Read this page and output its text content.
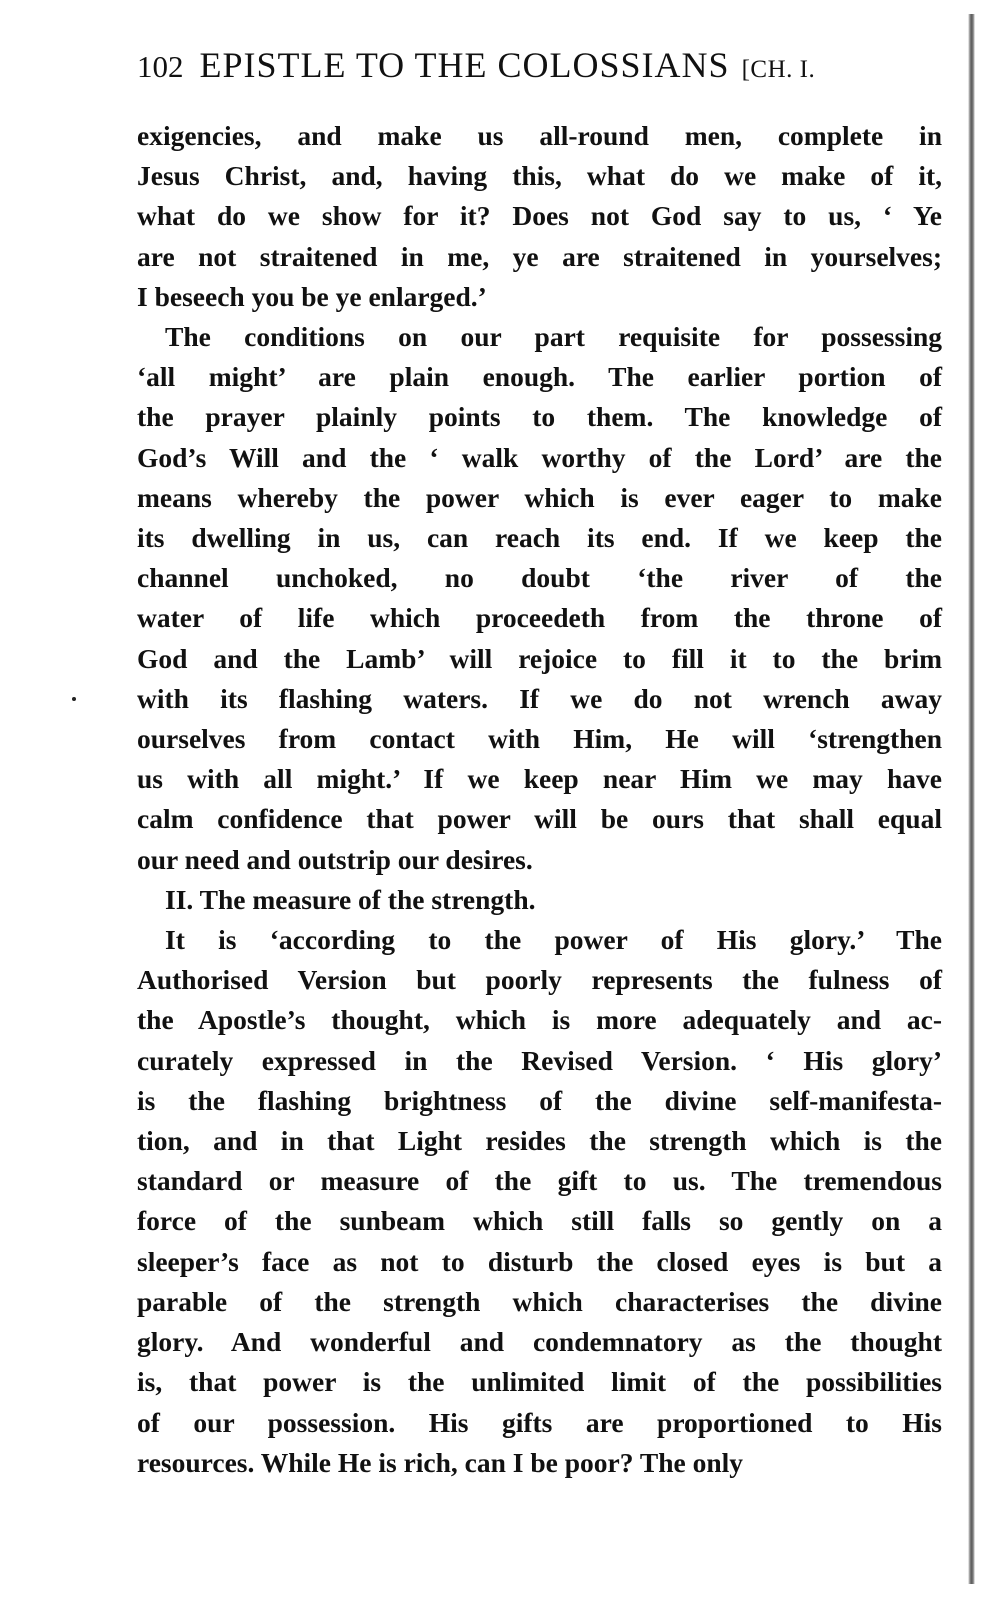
102 EPISTLE TO THE COLOSSIANS [CH. I.

exigencies, and make us all-round men, complete in
Jesus Christ, and, having this, what do we make of it,
what do we show for it? Does not God say to us, ‘ Ye
are not straitened in me, ye are straitened in yourselves;
I beseech you be ye enlarged.’

The conditions on our part requisite for possessing
‘all might’ are plain enough. The earlier portion of
the prayer plainly points to them. The knowledge of
God’s Will and the ‘ walk worthy of the Lord’ are the
means whereby the power which is ever eager to make
its dwelling in us, can reach its end. If we keep the
channel unchoked, no doubt ‘the river of the
water of life which proceedeth from the throne of
God and the Lamb’ will rejoice to fill it to the brim
with its flashing waters. If we do not wrench away
ourselves from contact with Him, He will ‘strengthen
us with all might.’ If we keep near Him we may have
calm confidence that power will be ours that shall equal
our need and outstrip our desires.

II. The measure of the strength.

It is ‘according to the power of His glory.’ The
Authorised Version but poorly represents the fulness of
the Apostle’s thought, which is more adequately and ac-
curately expressed in the Revised Version. ‘ His glory’
is the flashing brightness of the divine self-manifesta-
tion, and in that Light resides the strength which is the
standard or measure of the gift to us. The tremendous
force of the sunbeam which still falls so gently on a
sleeper’s face as not to disturb the closed eyes is but a
parable of the strength which characterises the divine
glory. And wonderful and condemnatory as the thought
is, that power is the unlimited limit of the possibilities
of our possession. His gifts are proportioned to His
resources. While He is rich, can I be poor? The only
